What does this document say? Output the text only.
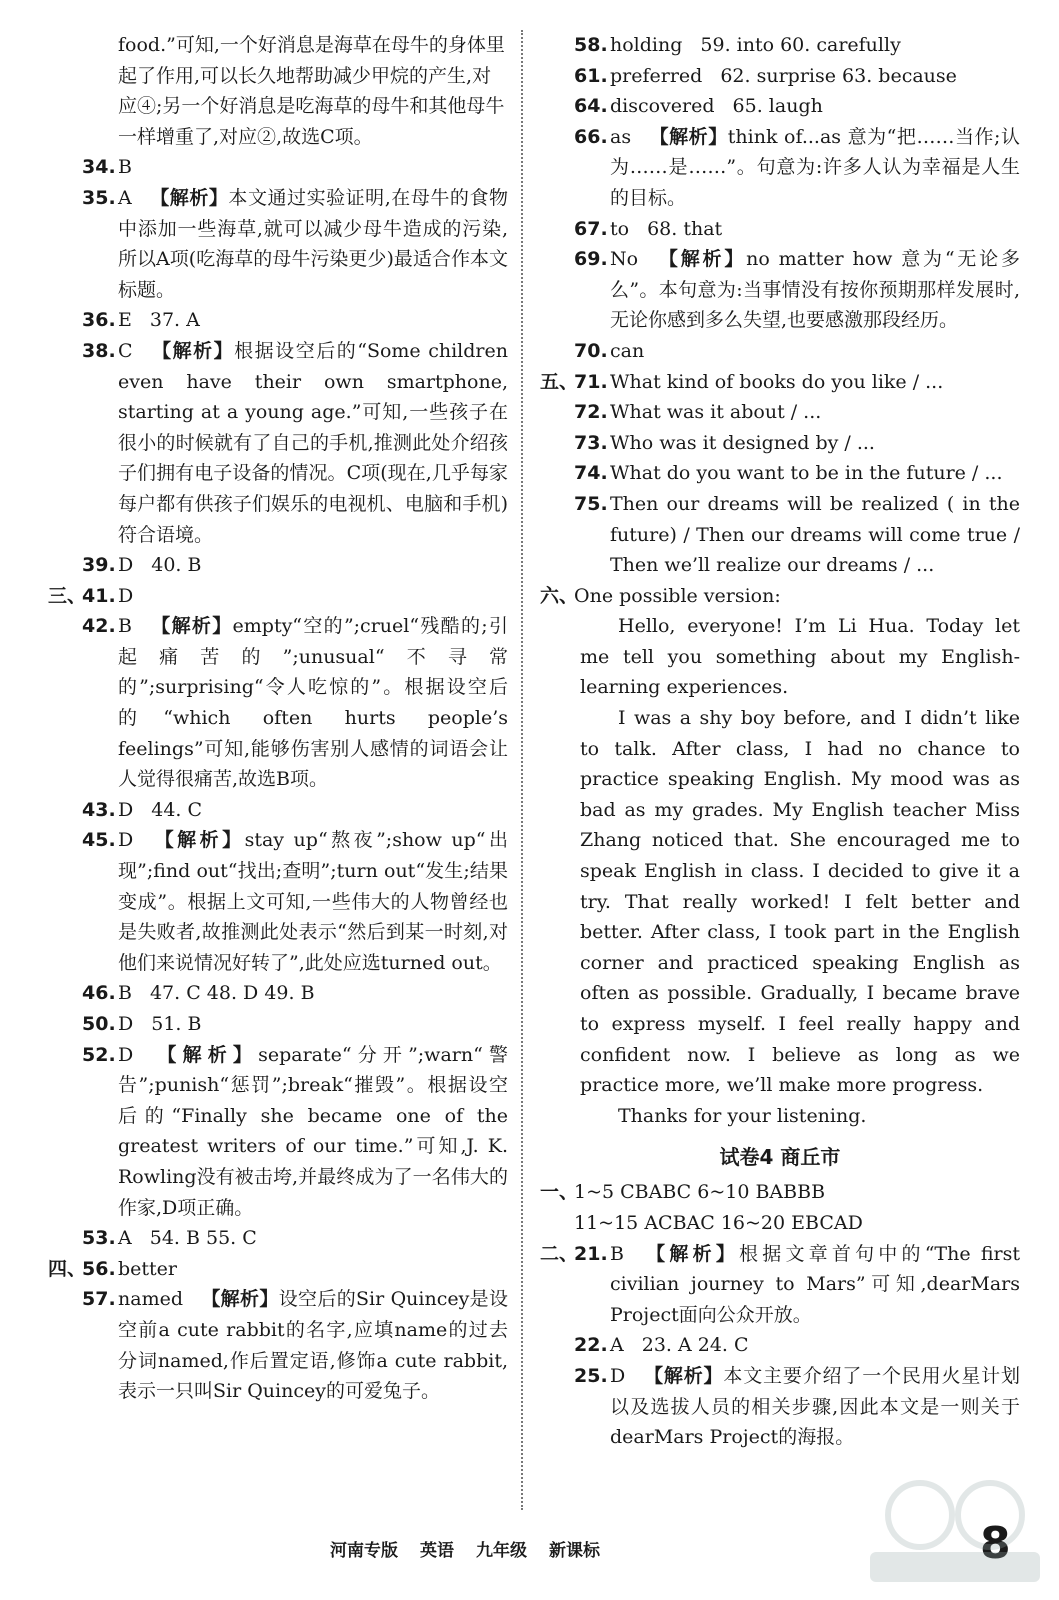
food.”可知,一个好消息是海草在母牛的身体里起了作用,可以长久地帮助减少甲烷的产生,对应④;另一个好消息是吃海草的母牛和其他母牛一样增重了,对应②,故选C项。
34. B
35. A 【解析】本文通过实验证明,在母牛的食物中添加一些海草,就可以减少母牛造成的污染,所以A项(吃海草的母牛污染更少)最适合作本文标题。
36. E 37. A
38. C 【解析】根据设空后的“Some children even have their own smartphone, starting at a young age.”可知,一些孩子在很小的时候就有了自己的手机,推测此处介绍孩子们拥有电子设备的情况。C项(现在,几乎每家每户都有供孩子们娱乐的电视机、电脑和手机)符合语境。
39. D 40. B
三、
41. D
42. B 【解析】empty“空的”;cruel“残酷的;引起痛苦的”;unusual“不寻常的”;surprising“令人吃惊的”。根据设空后的“which often hurts people’s feelings”可知,能够伤害别人感情的词语会让人觉得很痛苦,故选B项。
43. D 44. C
45. D 【解析】stay up“熬夜”;show up“出现”;find out“找出;查明”;turn out“发生;结果变成”。根据上文可知,一些伟大的人物曾经也是失败者,故推测此处表示“然后到某一时刻,对他们来说情况好转了”,此处应选turned out。
46. B 47. C 48. D 49. B
50. D 51. B
52. D 【解析】separate“分开”;warn“警告”;punish“惩罚”;break“摧毁”。根据设空后的“Finally she became one of the greatest writers of our time.”可知,J. K. Rowling没有被击垮,并最终成为了一名伟大的作家,D项正确。
53. A 54. B 55. C
四、
56. better
57. named 【解析】设空后的Sir Quincey是设空前a cute rabbit的名字,应填name的过去分词named,作后置定语,修饰a cute rabbit,表示一只叫Sir Quincey的可爱兔子。
58. holding 59. into 60. carefully
61. preferred 62. surprise 63. because
64. discovered 65. laugh
66. as 【解析】think of...as 意为“把……当作;认为……是……”。句意为:许多人认为幸福是人生的目标。
67. to 68. that
69. No 【解析】no matter how 意为“无论多么”。本句意为:当事情没有按你预期那样发展时,无论你感到多么失望,也要感激那段经历。
70. can
五、
71. What kind of books do you like / ...
72. What was it about / ...
73. Who was it designed by / ...
74. What do you want to be in the future / ...
75. Then our dreams will be realized ( in the future) / Then our dreams will come true / Then we’ll realize our dreams / ...
六、
One possible version:
Hello, everyone! I’m Li Hua. Today let me tell you something about my English-learning experiences.
I was a shy boy before, and I didn’t like to talk. After class, I had no chance to practice speaking English. My mood was as bad as my grades. My English teacher Miss Zhang noticed that. She encouraged me to speak English in class. I decided to give it a try. That really worked! I felt better and better. After class, I took part in the English corner and practiced speaking English as often as possible. Gradually, I became brave to express myself. I feel really happy and confident now. I believe as long as we practice more, we’ll make more progress.
Thanks for your listening.
试卷4 商丘市
一、
1~5 CBABC 6~10 BABBB
11~15 ACBAC 16~20 EBCAD
二、
21. B 【解析】根据文章首句中的“The first civilian journey to Mars”可知,dearMars Project面向公众开放。
22. A 23. A 24. C
25. D 【解析】本文主要介绍了一个民用火星计划以及选拔人员的相关步骤,因此本文是一则关于dearMars Project的海报。
河南专版 英语 九年级 新课标	8
